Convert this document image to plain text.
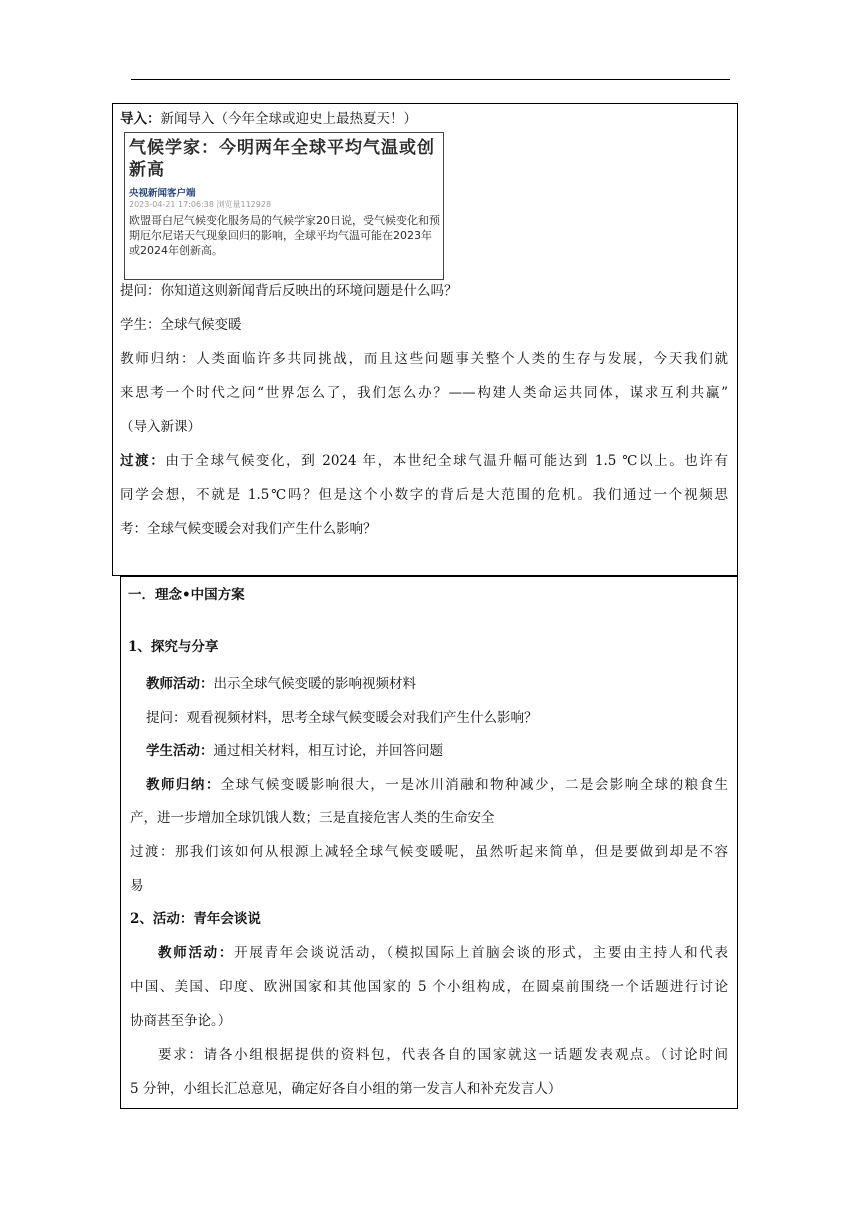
导入：新闻导入（今年全球或迎史上最热夏天！）
气候学家：今明两年全球平均气温或创新高
央视新闻客户端
2023-04-21 17:06:38 浏览量112928
欧盟哥白尼气候变化服务局的气候学家20日说，受气候变化和预期厄尔尼诺天气现象回归的影响，全球平均气温可能在2023年或2024年创新高。
提问：你知道这则新闻背后反映出的环境问题是什么吗？
学生：全球气候变暖
教师归纳：人类面临许多共同挑战，而且这些问题事关整个人类的生存与发展，今天我们就
来思考一个时代之问“世界怎么了，我们怎么办？——构建人类命运共同体，谋求互利共赢”
（导入新课）
过渡：由于全球气候变化，到 2024 年，本世纪全球气温升幅可能达到 1.5 ℃以上。也许有
同学会想，不就是 1.5℃吗？但是这个小数字的背后是大范围的危机。我们通过一个视频思
考：全球气候变暖会对我们产生什么影响？
一．理念•中国方案
1、探究与分享
教师活动：出示全球气候变暖的影响视频材料
提问：观看视频材料，思考全球气候变暖会对我们产生什么影响？
学生活动：通过相关材料，相互讨论，并回答问题
教师归纳：全球气候变暖影响很大，一是冰川消融和物种减少，二是会影响全球的粮食生
产，进一步增加全球饥饿人数；三是直接危害人类的生命安全
过渡：那我们该如何从根源上减轻全球气候变暖呢，虽然听起来简单，但是要做到却是不容
易
2、活动：青年会谈说
教师活动：开展青年会谈说活动，（模拟国际上首脑会谈的形式，主要由主持人和代表
中国、美国、印度、欧洲国家和其他国家的 5 个小组构成，在圆桌前围绕一个话题进行讨论
协商甚至争论。）
要求：请各小组根据提供的资料包，代表各自的国家就这一话题发表观点。（讨论时间
5 分钟，小组长汇总意见，确定好各自小组的第一发言人和补充发言人）
